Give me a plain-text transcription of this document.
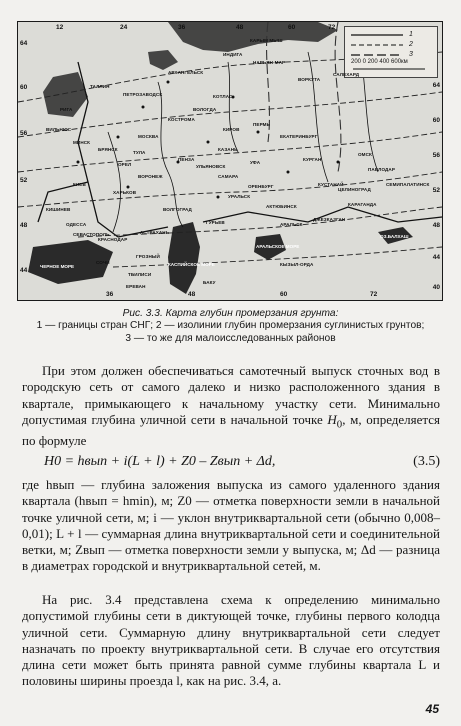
12	24	36	48	60	72
64
60
56
52
48
44
64
60
56
52
48
44
40
36	48	60	72
1
2
3
200 0 200 400 600км
КАРЫМ МЫШ
ИНДИГА
НАРЬЯН-МАР
АРХАНГЕЛЬСК
ПЕТРОЗАВОДСК	КОТЛАС
ВОРКУТА
САЛЕХАРД
КОСТРОМА
ВОЛОГДА
ПЕРМЬ
ЕКАТЕРИНБУРГ
КИРОВ
МОСКВА
ТУЛА
ОРЕЛ
БРЯНСК
ПЕНЗА
КАЗАНЬ
УЛЬЯНОВСК
САМАРА
ВОРОНЕЖ
ВОЛГОГРАД
УФА
ОРЕНБУРГ
КУРГАН
ОМСК
КУСТАНАЙ
УРАЛЬСК
АКТЮБИНСК
ГУРЬЕВ
АСТРАХАНЬ
ГРОЗНЫЙ
КРАСНОДАР
СОЧИ
ТБИЛИСИ
ЕРЕВАН
БАКУ
КИЕВ
ХАРЬКОВ
ОДЕССА
КИШИНЕВ
МИНСК
ВИЛЬНЮС
РИГА
ТАЛЛИН
СЕВАСТОПОЛЬ
АРАЛЬСК
КАРАГАНДА
СЕМИПАЛАТИНСК
ДЖЕЗКАЗГАН
КЫЗЫЛ-ОРДА
ПАВЛОДАР
ЦЕЛИНОГРАД
ЧЕРНОЕ МОРЕ	КАСПИЙСКОЕ МОРЕ
АРАЛЬСКОЕ МОРЕ
ОЗ.БАЛХАШ
Рис. 3.3. Карта глубин промерзания грунта:
1 — границы стран СНГ; 2 — изолинии глубин промерзания суглинистых грунтов;
3 — то же для малоисследованных районов
При этом должен обеспечиваться самотечный выпуск сточных вод в городскую сеть от самого далеко и низко расположенного здания в квартале, примыкающего к начальному участку сети. Минимально допустимая глубина уличной сети в начальной точке $H_0$, м, определяется по формуле
H0 = hвып + i(L + l) + Z0 – Zвып + Δd,	(3.5)
где hвып — глубина заложения выпуска из самого удаленного здания квартала (hвып = hmin), м; Z0 — отметка поверхности земли в начальной точке уличной сети, м; i — уклон внутриквартальной сети (обычно 0,008–0,01); L + l — суммарная длина внутриквартальной сети и соединительной ветки, м; Zвып — отметка поверхности земли у выпуска, м; Δd — разница в диаметрах городской и внутриквартальной сетей, м.
На рис. 3.4 представлена схема к определению минимально допустимой глубины сети в диктующей точке, глубины первого колодца уличной сети. Суммарную длину внутриквартальной сети следует назначать по проекту внутриквартальной сети. В случае его отсутствия длина сети может быть принята равной сумме глубины квартала L и половины ширины проезда l, как на рис. 3.4, а.
45
